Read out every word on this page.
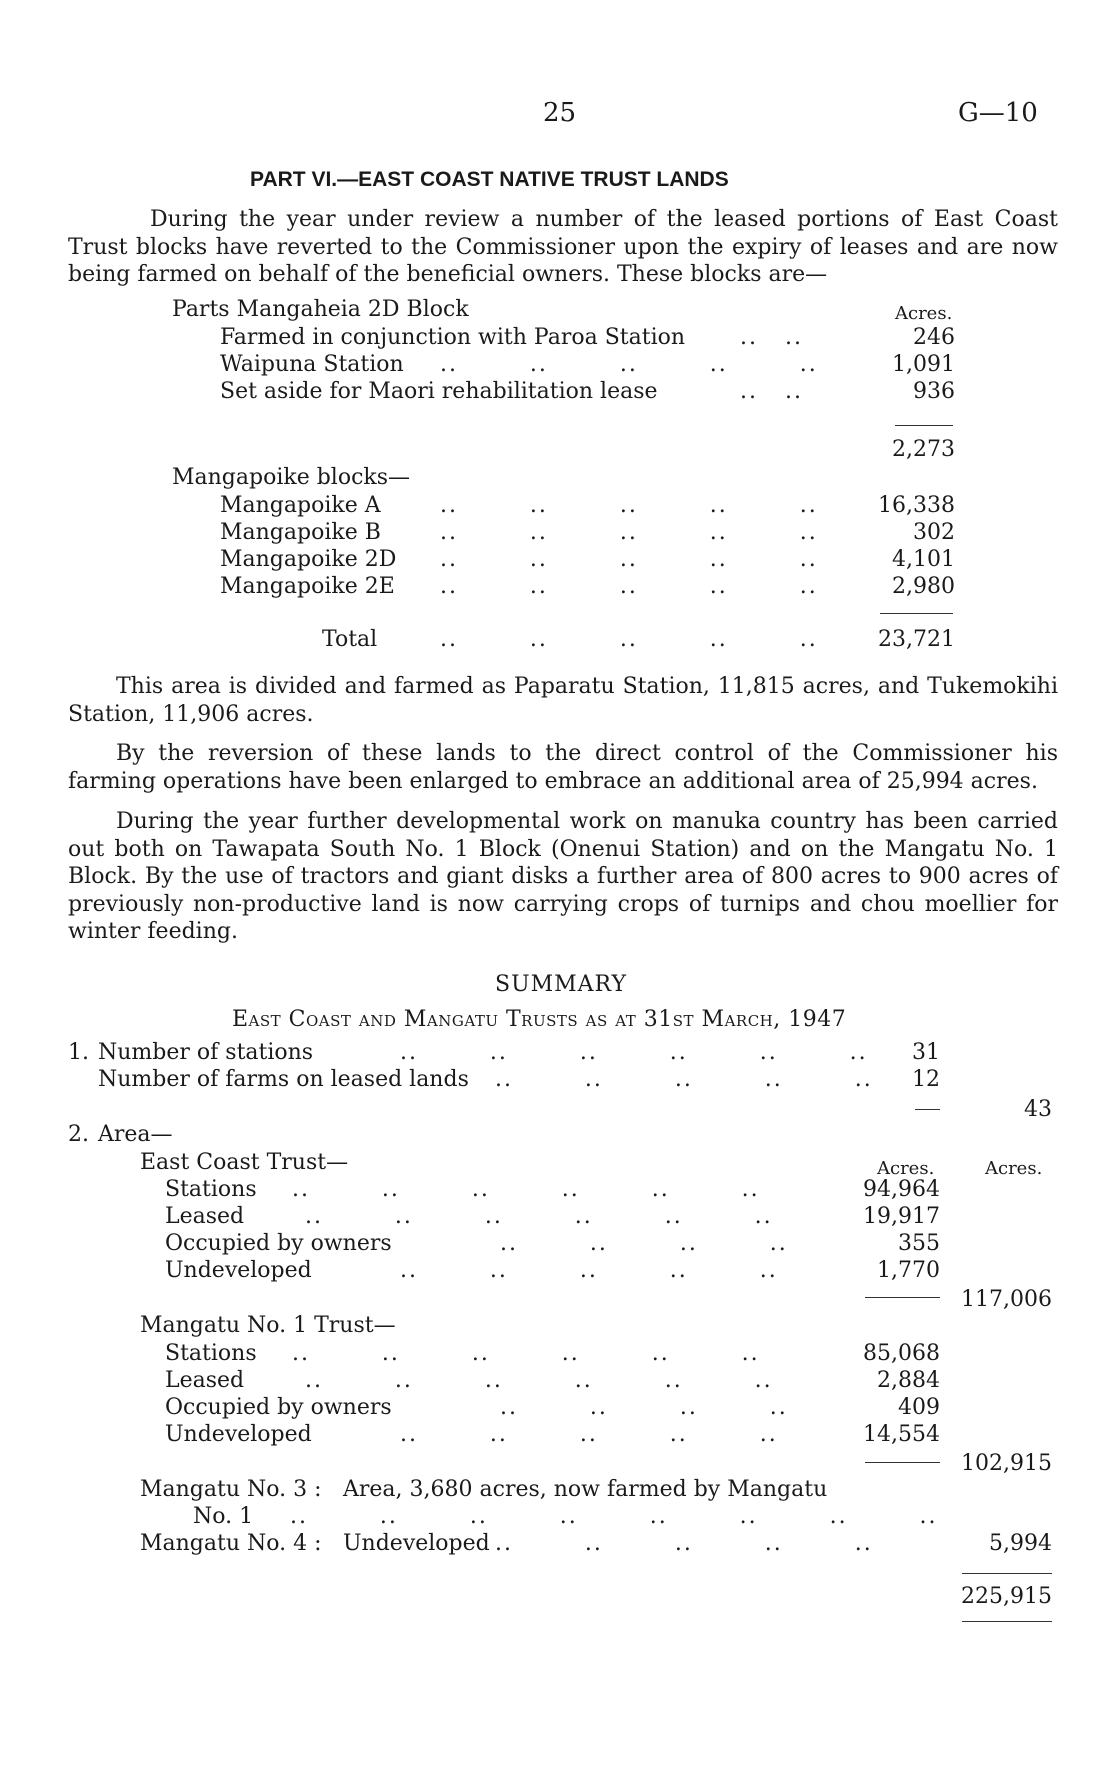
25	G—10
PART VI.—EAST COAST NATIVE TRUST LANDS
During the year under review a number of the leased portions of East Coast Trust blocks have reverted to the Commissioner upon the expiry of leases and are now being farmed on behalf of the beneficial owners. These blocks are—
Parts Mangaheia 2D Block	Acres.
Farmed in conjunction with Paroa Station ..   ..	246
Waipuna Station ..        ..        ..        ..        ..	1,091
Set aside for Maori rehabilitation lease	..   ..	936
2,273
Mangapoike blocks—
Mangapoike A	..        ..        ..        ..        ..	16,338
Mangapoike B	..        ..        ..        ..        ..	302
Mangapoike 2D ..        ..        ..        ..        ..	4,101
Mangapoike 2E ..        ..        ..        ..        ..	2,980
Total	..        ..        ..        ..        ..	23,721
This area is divided and farmed as Paparatu Station, 11,815 acres, and Tukemokihi Station, 11,906 acres.
By the reversion of these lands to the direct control of the Commissioner his farming operations have been enlarged to embrace an additional area of 25,994 acres.
During the year further developmental work on manuka country has been carried out both on Tawapata South No. 1 Block (Onenui Station) and on the Mangatu No. 1 Block. By the use of tractors and giant disks a further area of 800 acres to 900 acres of previously non-productive land is now carrying crops of turnips and chou moellier for winter feeding.
SUMMARY
East Coast and Mangatu Trusts as at 31st March, 1947
1. Number of stations	..        ..        ..        ..        ..        ..	31
Number of farms on leased lands ..        ..        ..        ..        ..	12
43
2. Area—
East Coast Trust—	Acres.	Acres.
Stations ..        ..        ..        ..        ..        ..	94,964
Leased	..        ..        ..        ..        ..        ..	19,917
Occupied by owners	..        ..        ..        ..	355
Undeveloped	..        ..        ..        ..        ..	1,770
117,006
Mangatu No. 1 Trust—
Stations ..        ..        ..        ..        ..        ..	85,068
Leased	..        ..        ..        ..        ..        ..	2,884
Occupied by owners	..        ..        ..        ..	409
Undeveloped	..        ..        ..        ..        ..	14,554
102,915
Mangatu No. 3 : Area, 3,680 acres, now farmed by Mangatu
No. 1 ..        ..        ..        ..        ..        ..        ..        ..
Mangatu No. 4 : Undeveloped ..        ..        ..        ..        ..	5,994
225,915
